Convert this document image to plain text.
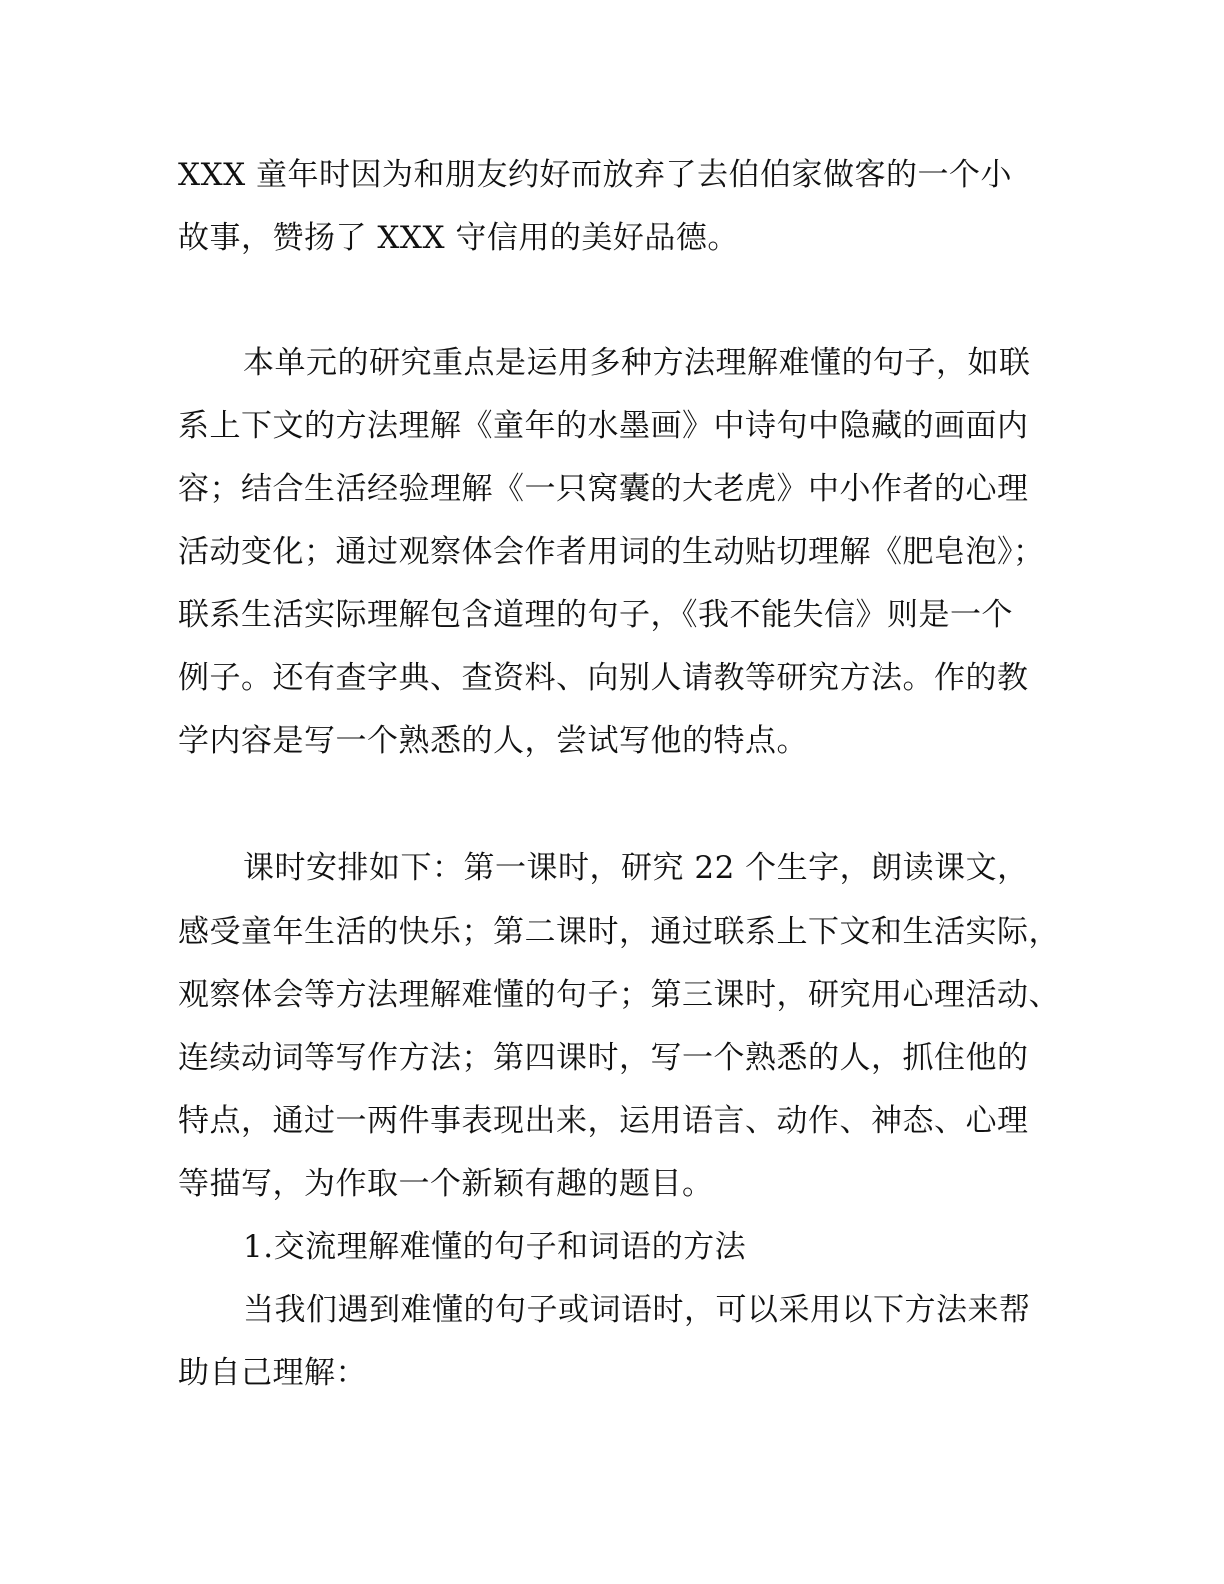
XXX 童年时因为和朋友约好而放弃了去伯伯家做客的一个小
故事，赞扬了 XXX 守信用的美好品德。
本单元的研究重点是运用多种方法理解难懂的句子，如联
系上下文的方法理解《童年的水墨画》中诗句中隐藏的画面内
容；结合生活经验理解《一只窝囊的大老虎》中小作者的心理
活动变化；通过观察体会作者用词的生动贴切理解《肥皂泡》；
联系生活实际理解包含道理的句子，《我不能失信》则是一个
例子。还有查字典、查资料、向别人请教等研究方法。作的教
学内容是写一个熟悉的人，尝试写他的特点。
课时安排如下：第一课时，研究 22 个生字，朗读课文，
感受童年生活的快乐；第二课时，通过联系上下文和生活实际，
观察体会等方法理解难懂的句子；第三课时，研究用心理活动、
连续动词等写作方法；第四课时，写一个熟悉的人，抓住他的
特点，通过一两件事表现出来，运用语言、动作、神态、心理
等描写，为作取一个新颖有趣的题目。
1.交流理解难懂的句子和词语的方法
当我们遇到难懂的句子或词语时，可以采用以下方法来帮
助自己理解：
